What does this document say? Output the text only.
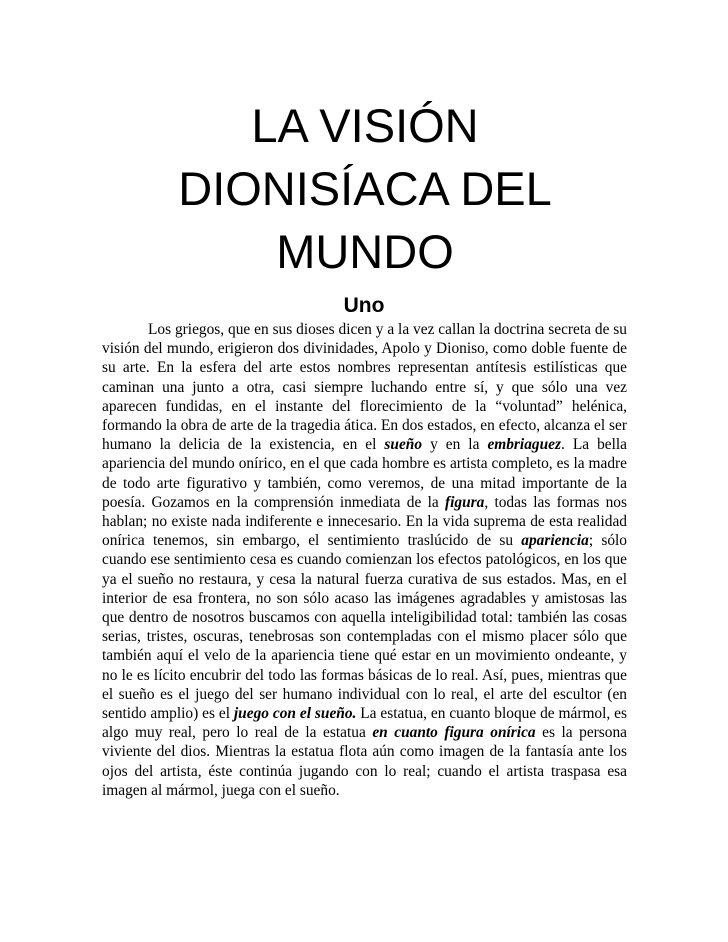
LA VISIÓN
DIONISÍACA DEL
MUNDO
Uno

Los griegos, que en sus dioses dicen y a la vez callan la doctrina secreta de su visión del mundo, erigieron dos divinidades, Apolo y Dioniso, como doble fuente de su arte. En la esfera del arte estos nombres representan antítesis estilísticas que caminan una junto a otra, casi siempre luchando entre sí, y que sólo una vez aparecen fundidas, en el instante del florecimiento de la “voluntad” helénica, formando la obra de arte de la tragedia ática. En dos estados, en efecto, alcanza el ser humano la delicia de la existencia, en el sueño y en la embriaguez. La bella apariencia del mundo onírico, en el que cada hombre es artista completo, es la madre de todo arte figurativo y también, como veremos, de una mitad importante de la poesía. Gozamos en la comprensión inmediata de la figura, todas las formas nos hablan; no existe nada indiferente e innecesario. En la vida suprema de esta realidad onírica tenemos, sin embargo, el sentimiento traslúcido de su apariencia; sólo cuando ese sentimiento cesa es cuando comienzan los efectos patológicos, en los que ya el sueño no restaura, y cesa la natural fuerza curativa de sus estados. Mas, en el interior de esa frontera, no son sólo acaso las imágenes agradables y amistosas las que dentro de nosotros buscamos con aquella inteligibilidad total: también las cosas serias, tristes, oscuras, tenebrosas son contempladas con el mismo placer sólo que también aquí el velo de la apariencia tiene qué estar en un movimiento ondeante, y no le es lícito encubrir del todo las formas básicas de lo real. Así, pues, mientras que el sueño es el juego del ser humano individual con lo real, el arte del escultor (en sentido amplio) es el juego con el sueño. La estatua, en cuanto bloque de mármol, es algo muy real, pero lo real de la estatua en cuanto figura onírica es la persona viviente del dios. Mientras la estatua flota aún como imagen de la fantasía ante los ojos del artista, éste continúa jugando con lo real; cuando el artista traspasa esa imagen al mármol, juega con el sueño.
